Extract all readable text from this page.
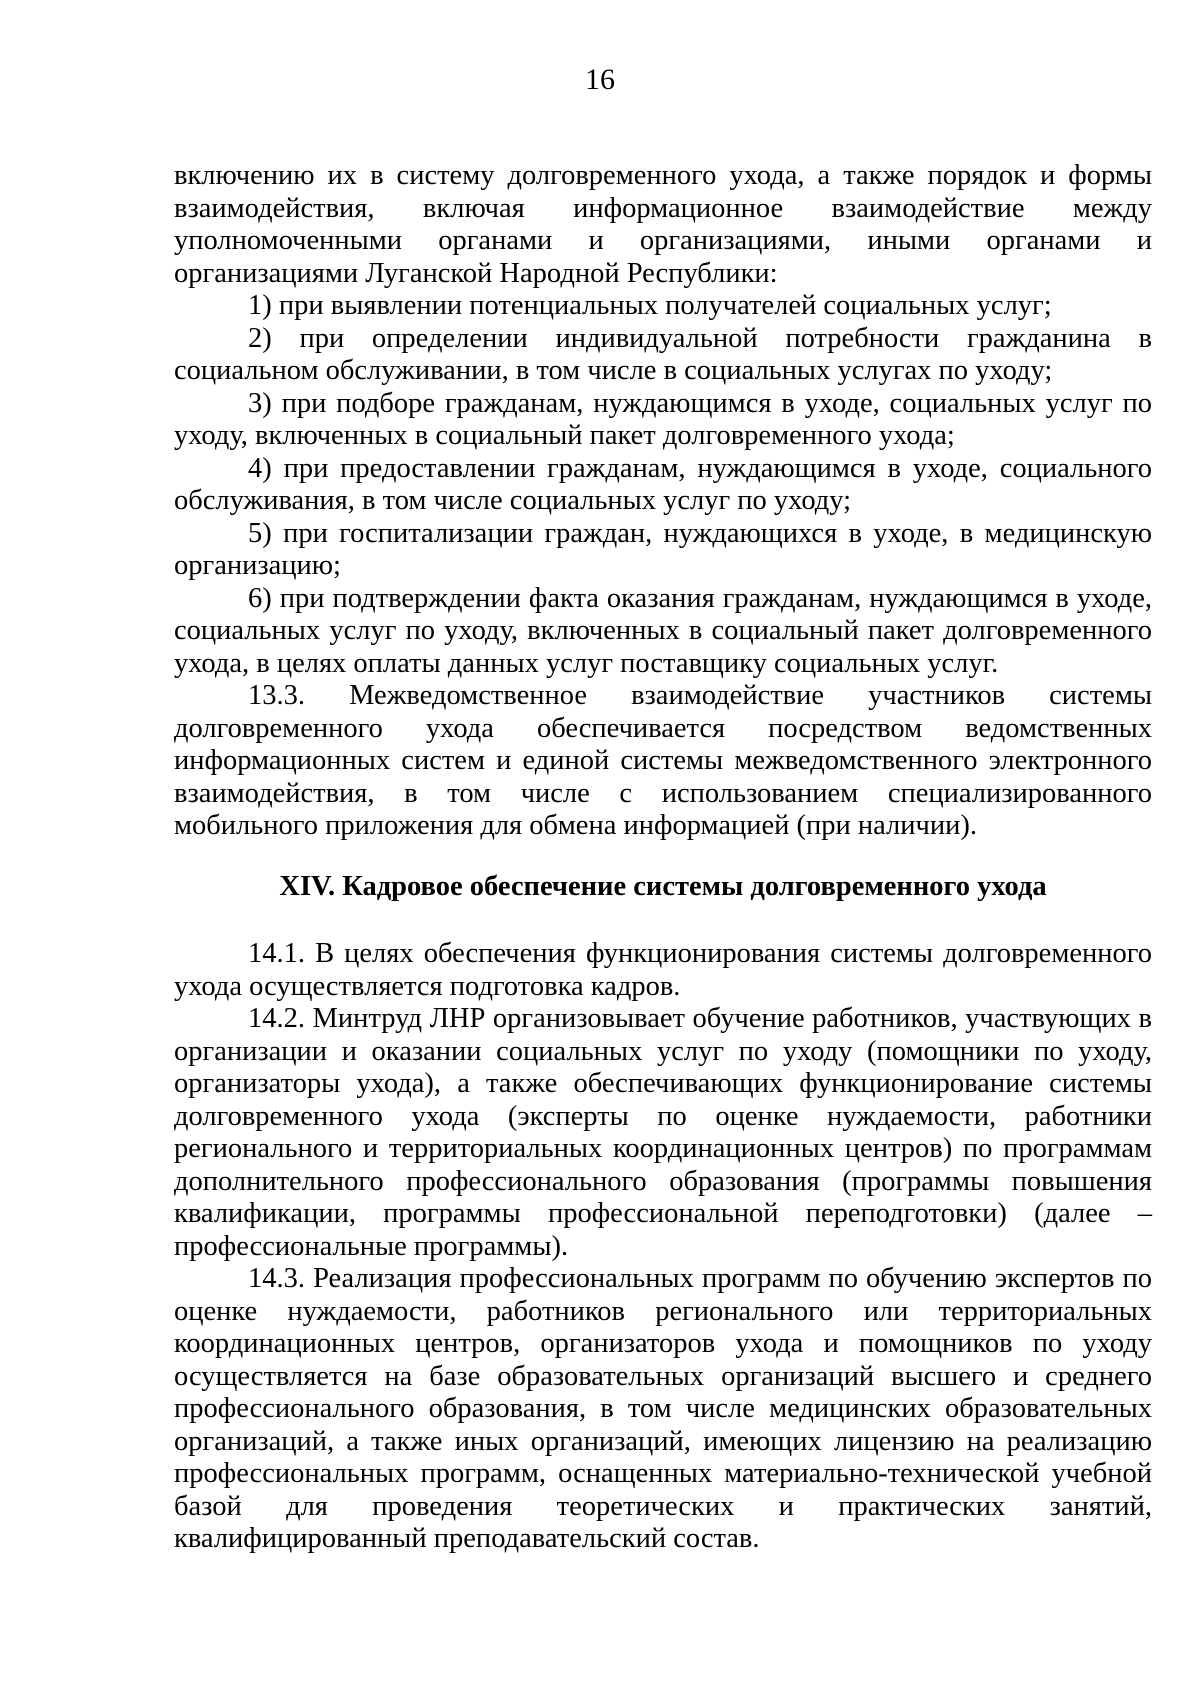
16

включению их в систему долговременного ухода, а также порядок и формы взаимодействия, включая информационное взаимодействие между уполномоченными органами и организациями, иными органами и организациями Луганской Народной Республики:

1) при выявлении потенциальных получателей социальных услуг;

2) при определении индивидуальной потребности гражданина в социальном обслуживании, в том числе в социальных услугах по уходу;

3) при подборе гражданам, нуждающимся в уходе, социальных услуг по уходу, включенных в социальный пакет долговременного ухода;

4) при предоставлении гражданам, нуждающимся в уходе, социального обслуживания, в том числе социальных услуг по уходу;

5) при госпитализации граждан, нуждающихся в уходе, в медицинскую организацию;

6) при подтверждении факта оказания гражданам, нуждающимся в уходе, социальных услуг по уходу, включенных в социальный пакет долговременного ухода, в целях оплаты данных услуг поставщику социальных услуг.

13.3. Межведомственное взаимодействие участников системы долговременного ухода обеспечивается посредством ведомственных информационных систем и единой системы межведомственного электронного взаимодействия, в том числе с использованием специализированного мобильного приложения для обмена информацией (при наличии).

XIV. Кадровое обеспечение системы долговременного ухода

14.1. В целях обеспечения функционирования системы долговременного ухода осуществляется подготовка кадров.

14.2. Минтруд ЛНР организовывает обучение работников, участвующих в организации и оказании социальных услуг по уходу (помощники по уходу, организаторы ухода), а также обеспечивающих функционирование системы долговременного ухода (эксперты по оценке нуждаемости, работники регионального и территориальных координационных центров) по программам дополнительного профессионального образования (программы повышения квалификации, программы профессиональной переподготовки) (далее – профессиональные программы).

14.3. Реализация профессиональных программ по обучению экспертов по оценке нуждаемости, работников регионального или территориальных координационных центров, организаторов ухода и помощников по уходу осуществляется на базе образовательных организаций высшего и среднего профессионального образования, в том числе медицинских образовательных организаций, а также иных организаций, имеющих лицензию на реализацию профессиональных программ, оснащенных материально-технической учебной базой для проведения теоретических и практических занятий, квалифицированный преподавательский состав.
